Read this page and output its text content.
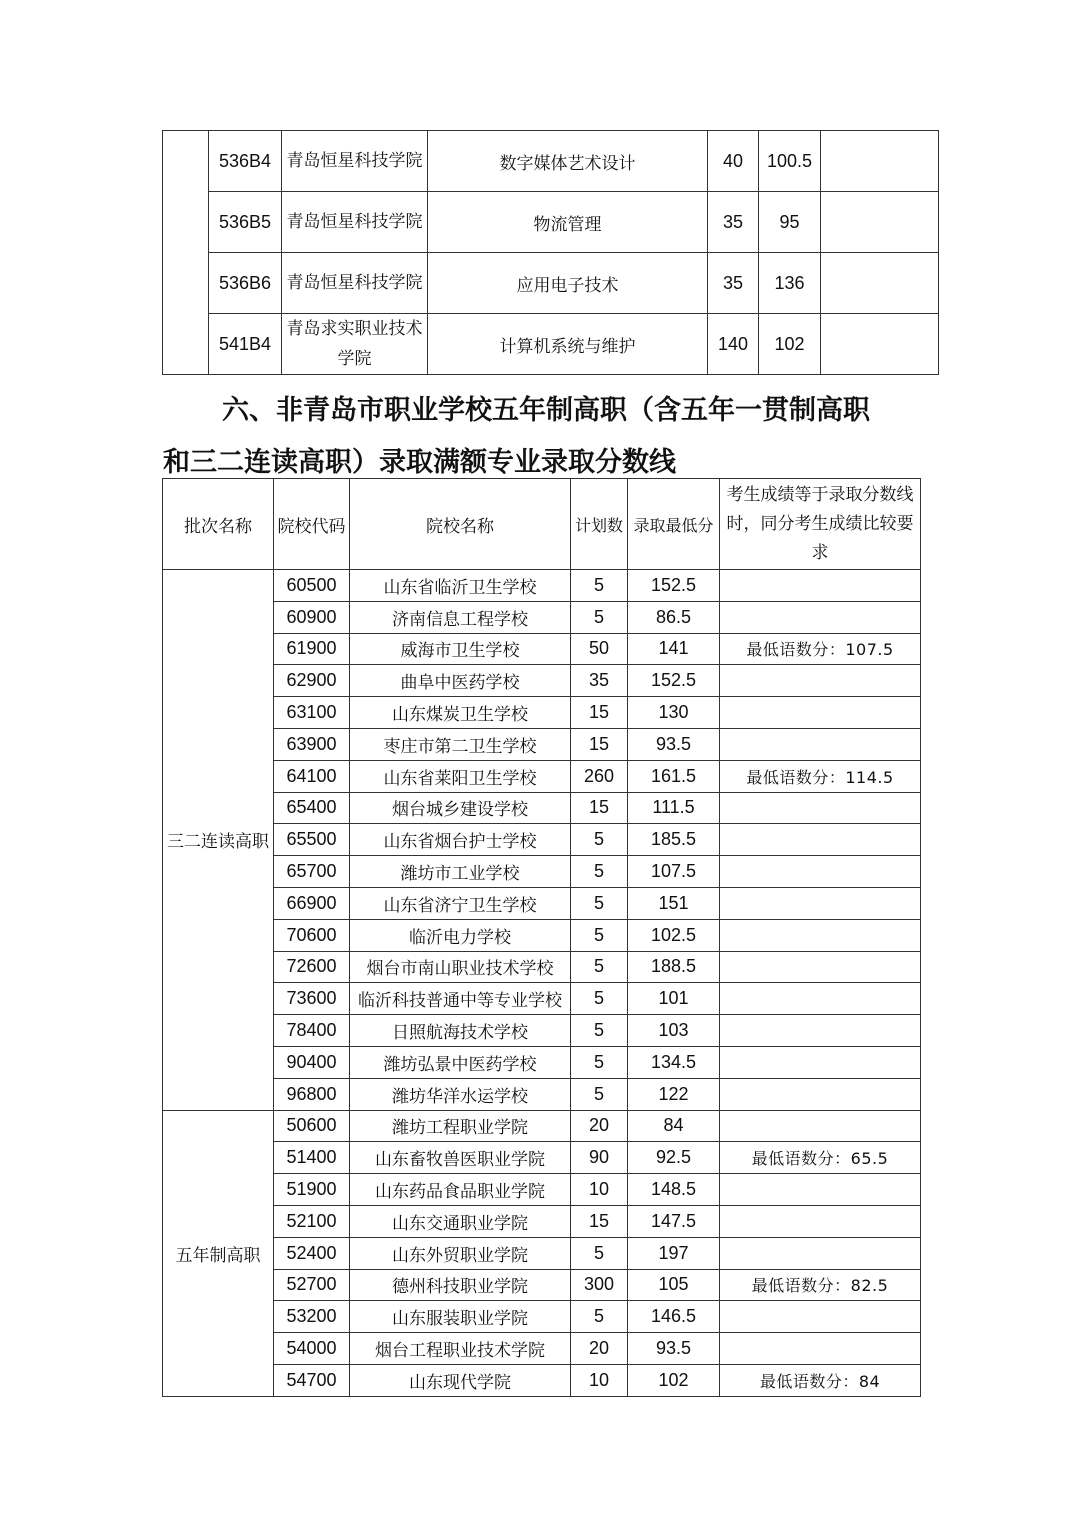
	536B4	青岛恒星科技学院	数字媒体艺术设计	40	100.5	
	536B5	青岛恒星科技学院	物流管理	35	95	
	536B6	青岛恒星科技学院	应用电子技术	35	136	
	541B4	青岛求实职业技术学院	计算机系统与维护	140	102	
六、非青岛市职业学校五年制高职（含五年一贯制高职
和三二连读高职）录取满额专业录取分数线
批次名称	院校代码	院校名称	计划数	录取最低分	考生成绩等于录取分数线时，同分考生成绩比较要求
三二连读高职	60500	山东省临沂卫生学校	5	152.5	
	60900	济南信息工程学校	5	86.5	
	61900	威海市卫生学校	50	141	最低语数分：107.5
	62900	曲阜中医药学校	35	152.5	
	63100	山东煤炭卫生学校	15	130	
	63900	枣庄市第二卫生学校	15	93.5	
	64100	山东省莱阳卫生学校	260	161.5	最低语数分：114.5
	65400	烟台城乡建设学校	15	111.5	
	65500	山东省烟台护士学校	5	185.5	
	65700	潍坊市工业学校	5	107.5	
	66900	山东省济宁卫生学校	5	151	
	70600	临沂电力学校	5	102.5	
	72600	烟台市南山职业技术学校	5	188.5	
	73600	临沂科技普通中等专业学校	5	101	
	78400	日照航海技术学校	5	103	
	90400	潍坊弘景中医药学校	5	134.5	
	96800	潍坊华洋水运学校	5	122	
五年制高职	50600	潍坊工程职业学院	20	84	
	51400	山东畜牧兽医职业学院	90	92.5	最低语数分：65.5
	51900	山东药品食品职业学院	10	148.5	
	52100	山东交通职业学院	15	147.5	
	52400	山东外贸职业学院	5	197	
	52700	德州科技职业学院	300	105	最低语数分：82.5
	53200	山东服装职业学院	5	146.5	
	54000	烟台工程职业技术学院	20	93.5	
	54700	山东现代学院	10	102	最低语数分：84
